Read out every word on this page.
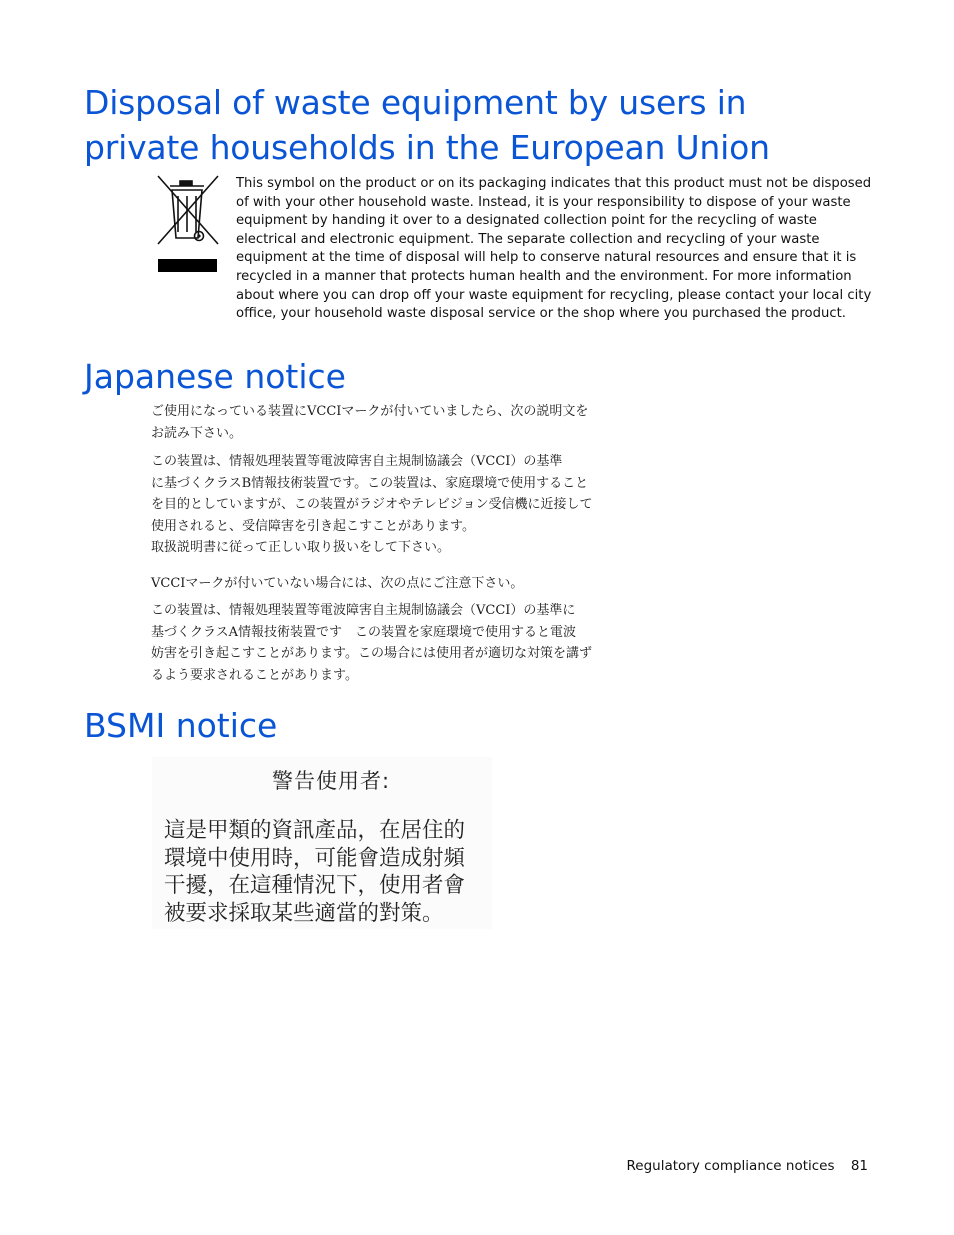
Disposal of waste equipment by users in private households in the European Union

This symbol on the product or on its packaging indicates that this product must not be disposed of with your other household waste. Instead, it is your responsibility to dispose of your waste equipment by handing it over to a designated collection point for the recycling of waste electrical and electronic equipment. The separate collection and recycling of your waste equipment at the time of disposal will help to conserve natural resources and ensure that it is recycled in a manner that protects human health and the environment. For more information about where you can drop off your waste equipment for recycling, please contact your local city office, your household waste disposal service or the shop where you purchased the product.

Japanese notice

ご使用になっている装置にVCCIマークが付いていましたら、次の説明文を
お読み下さい。

この装置は、情報処理装置等電波障害自主規制協議会（VCCI）の基準
に基づくクラスB情報技術装置です。この装置は、家庭環境で使用すること
を目的としていますが、この装置がラジオやテレビジョン受信機に近接して
使用されると、受信障害を引き起こすことがあります。
取扱説明書に従って正しい取り扱いをして下さい。

VCCIマークが付いていない場合には、次の点にご注意下さい。

この装置は、情報処理装置等電波障害自主規制協議会（VCCI）の基準に
基づくクラスA情報技術装置です　この装置を家庭環境で使用すると電波
妨害を引き起こすことがあります。この場合には使用者が適切な対策を講ず
るよう要求されることがあります。

BSMI notice

警告使用者:

這是甲類的資訊產品，在居住的
環境中使用時，可能會造成射頻
干擾，在這種情況下，使用者會
被要求採取某些適當的對策。

Regulatory compliance notices 81
